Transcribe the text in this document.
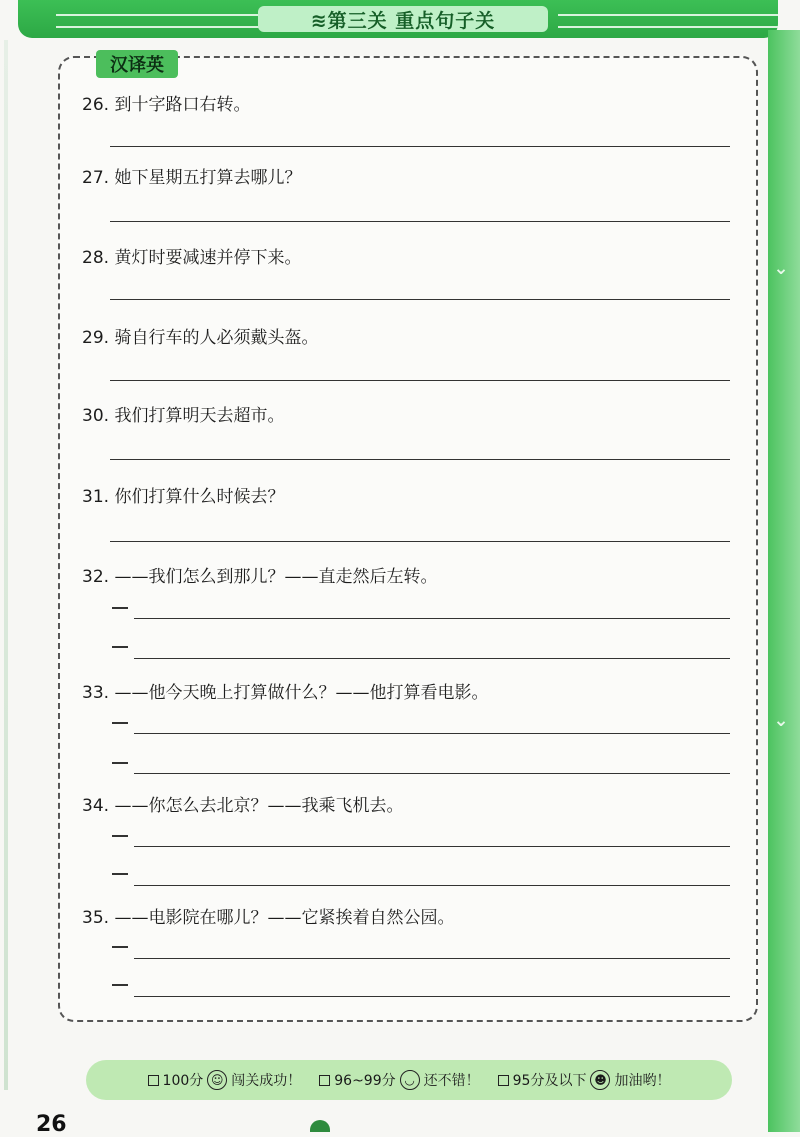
≋第三关 重点句子关
⌄
⌄
汉译英
26. 到十字路口右转。
27. 她下星期五打算去哪儿？
28. 黄灯时要减速并停下来。
29. 骑自行车的人必须戴头盔。
30. 我们打算明天去超市。
31. 你们打算什么时候去？
32. ——我们怎么到那儿？——直走然后左转。
33. ——他今天晚上打算做什么？——他打算看电影。
34. ——你怎么去北京？——我乘飞机去。
35. ——电影院在哪儿？——它紧挨着自然公园。
100分 ☺ 闯关成功！ 96~99分 ◡ 还不错！ 95分及以下 ☻ 加油哟！
26
